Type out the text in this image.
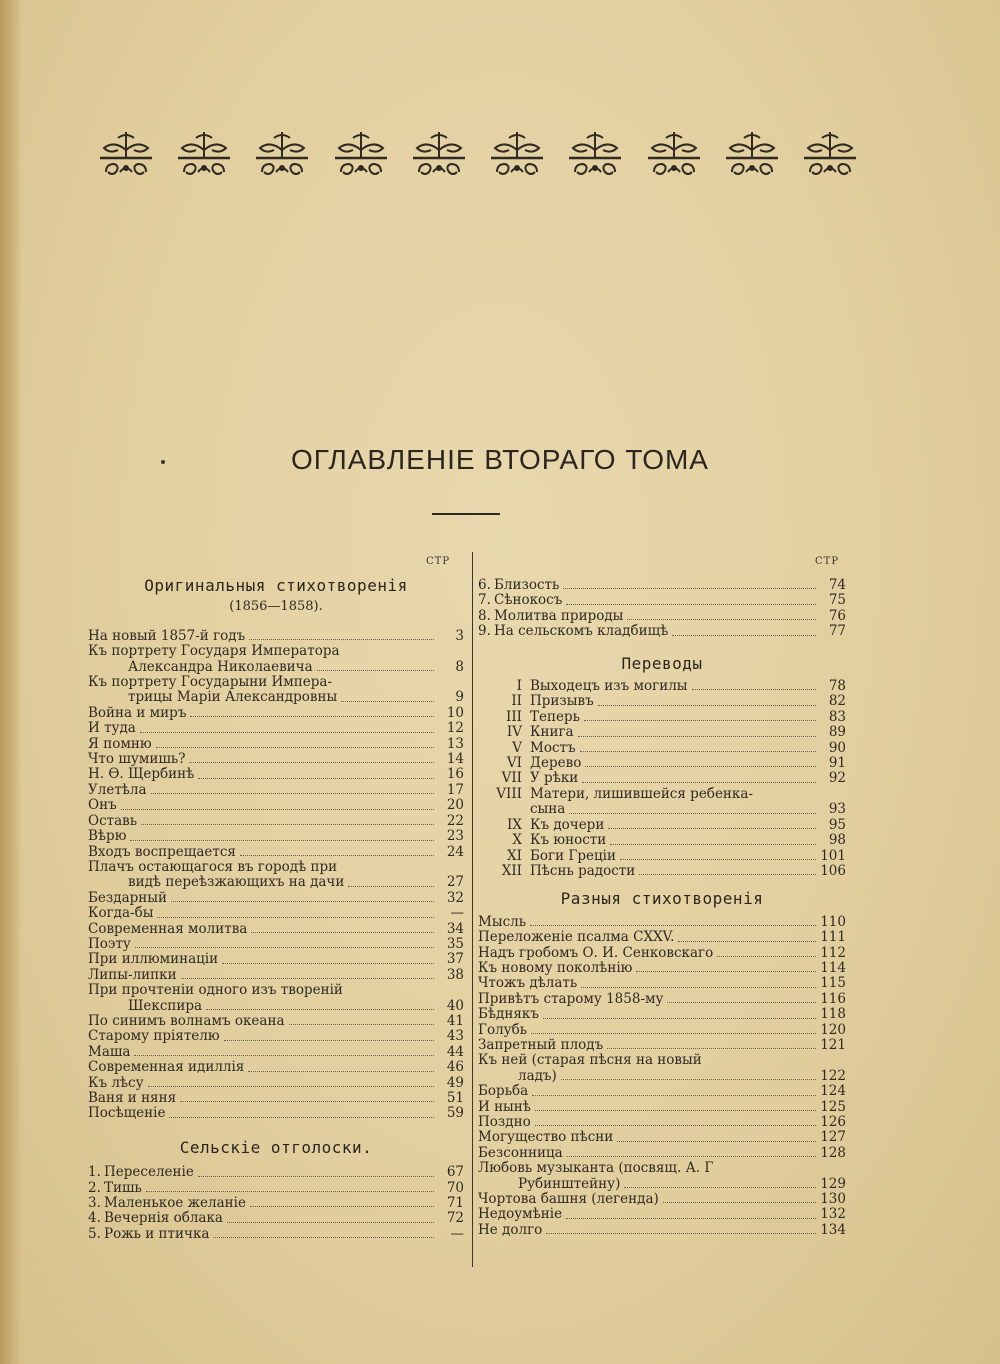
ОГЛАВЛЕНІЕ ВТОРАГО ТОМА
СТР	СТР
Оригинальныя стихотворенія
(1856—1858).
На новый 1857-й годъ	3
Къ портрету Государя Императора
Александра Николаевича	8
Къ портрету Государыни Импера-
трицы Маріи Александровны	9
Война и миръ	10
И туда	12
Я помню	13
Что шумишь?	14
Н. Ѳ. Щербинѣ	16
Улетѣла	17
Онъ	20
Оставь	22
Вѣрю	23
Входъ воспрещается	24
Плачъ остающагося въ городѣ при
видѣ переѣзжающихъ на дачи	27
Бездарный	32
Когда-бы	—
Современная молитва	34
Поэту	35
При иллюминаціи	37
Липы-липки	38
При прочтеніи одного изъ твореній
Шекспира	40
По синимъ волнамъ океана	41
Старому пріятелю	43
Маша	44
Современная идиллія	46
Къ лѣсу	49
Ваня и няня	51
Посѣщеніе	59
Сельскіе отголоски.
1. Переселеніе	67
2. Тишь	70
3. Маленькое желаніе	71
4. Вечернія облака	72
5. Рожь и птичка	—
6. Близость	74
7. Сѣнокосъ	75
8. Молитва природы	76
9. На сельскомъ кладбищѣ	77
Переводы
I Выходецъ изъ могилы	78
II Призывъ	82
III Теперь	83
IV Книга	89
V Мостъ	90
VI Дерево	91
VII У рѣки	92
VIII Матери, лишившейся ребенка-
сына	93
IX Къ дочери	95
X Къ юности	98
XI Боги Греціи	101
XII Пѣснь радости	106
Разныя стихотворенія
Мысль	110
Переложеніе псалма CXXV.	111
Надъ гробомъ О. И. Сенковскаго	112
Къ новому поколѣнію	114
Чтожъ дѣлать	115
Привѣтъ старому 1858-му	116
Бѣднякъ	118
Голубь	120
Запретный плодъ	121
Къ ней (старая пѣсня на новый
ладъ)	122
Борьба	124
И нынѣ	125
Поздно	126
Могущество пѣсни	127
Безсонница	128
Любовь музыканта (посвящ. А. Г
Рубинштейну)	129
Чортова башня (легенда)	130
Недоумѣніе	132
Не долго	134
